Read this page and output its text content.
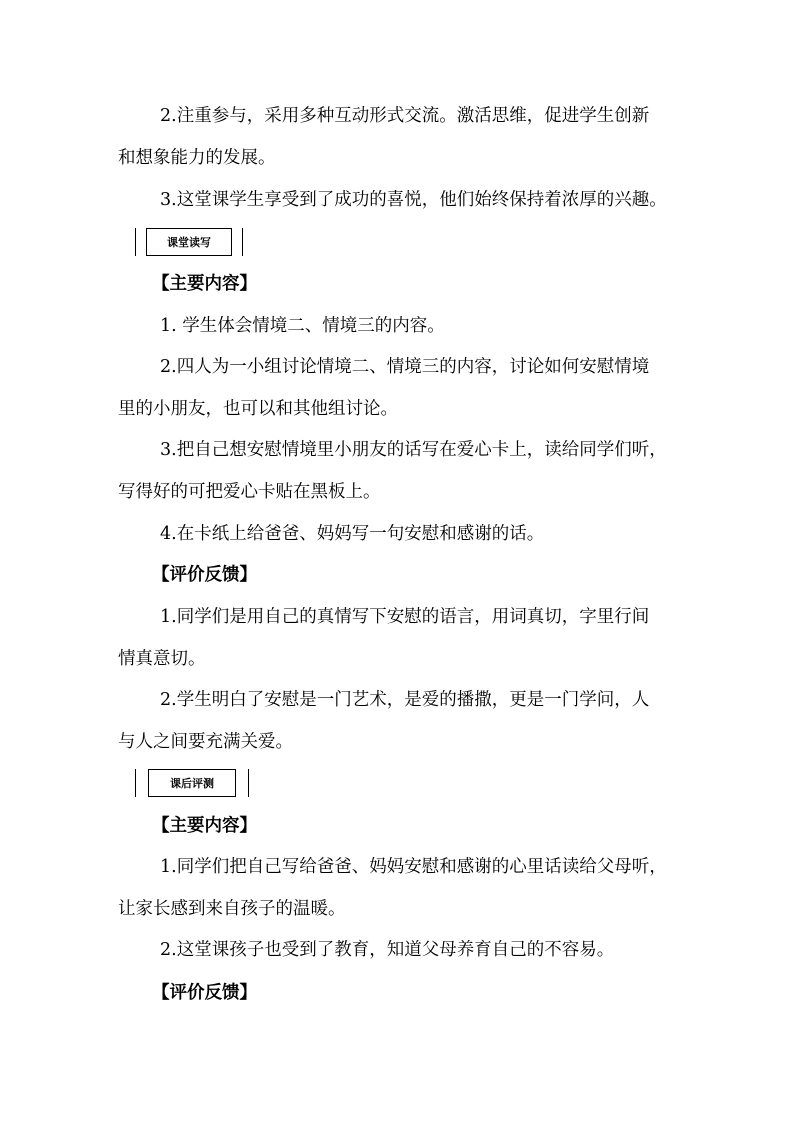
2.注重参与，采用多种互动形式交流。激活思维，促进学生创新
和想象能力的发展。
3.这堂课学生享受到了成功的喜悦，他们始终保持着浓厚的兴趣。
课堂读写
【主要内容】
1. 学生体会情境二、情境三的内容。
2.四人为一小组讨论情境二、情境三的内容，讨论如何安慰情境
里的小朋友，也可以和其他组讨论。
3.把自己想安慰情境里小朋友的话写在爱心卡上，读给同学们听，
写得好的可把爱心卡贴在黑板上。
4.在卡纸上给爸爸、妈妈写一句安慰和感谢的话。
【评价反馈】
1.同学们是用自己的真情写下安慰的语言，用词真切，字里行间
情真意切。
2.学生明白了安慰是一门艺术，是爱的播撒，更是一门学问，人
与人之间要充满关爱。
课后评测
【主要内容】
1.同学们把自己写给爸爸、妈妈安慰和感谢的心里话读给父母听，
让家长感到来自孩子的温暖。
2.这堂课孩子也受到了教育，知道父母养育自己的不容易。
【评价反馈】
